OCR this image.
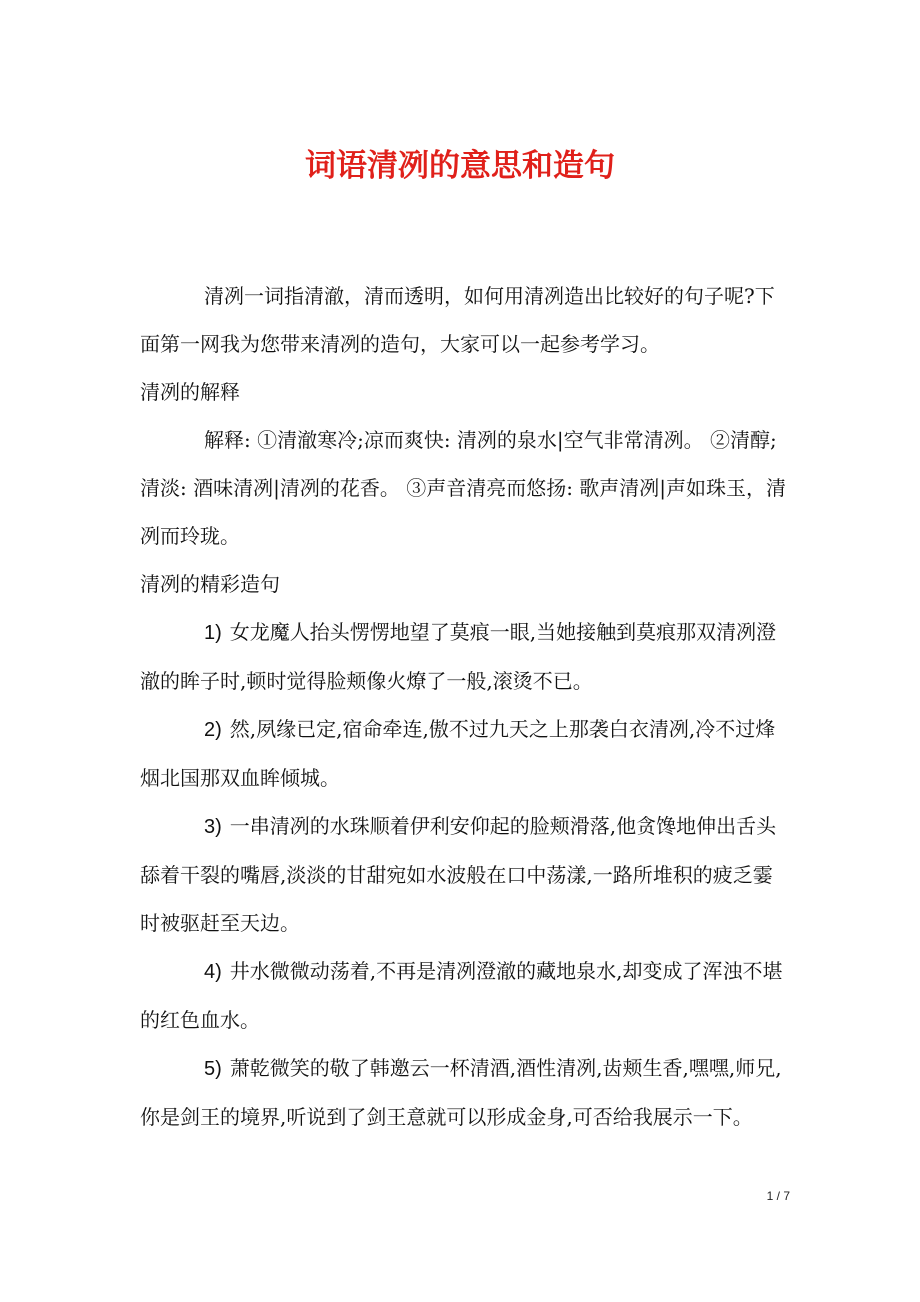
词语清冽的意思和造句

清冽一词指清澈，清而透明，如何用清冽造出比较好的句子呢?下面第一网我为您带来清冽的造句，大家可以一起参考学习。

清冽的解释

解释: ①清澈寒冷;凉而爽快: 清冽的泉水|空气非常清冽。 ②清醇;清淡: 酒味清冽|清冽的花香。 ③声音清亮而悠扬: 歌声清冽|声如珠玉，清冽而玲珑。

清冽的精彩造句

1) 女龙魔人抬头愣愣地望了莫痕一眼,当她接触到莫痕那双清冽澄澈的眸子时,顿时觉得脸颊像火燎了一般,滚烫不已。

2) 然,夙缘已定,宿命牵连,傲不过九天之上那袭白衣清冽,冷不过烽烟北国那双血眸倾城。

3) 一串清冽的水珠顺着伊利安仰起的脸颊滑落,他贪馋地伸出舌头舔着干裂的嘴唇,淡淡的甘甜宛如水波般在口中荡漾,一路所堆积的疲乏霎时被驱赶至天边。

4) 井水微微动荡着,不再是清冽澄澈的藏地泉水,却变成了浑浊不堪的红色血水。

5) 萧乾微笑的敬了韩邀云一杯清酒,酒性清冽,齿颊生香,嘿嘿,师兄,你是剑王的境界,听说到了剑王意就可以形成金身,可否给我展示一下。

1 / 7
